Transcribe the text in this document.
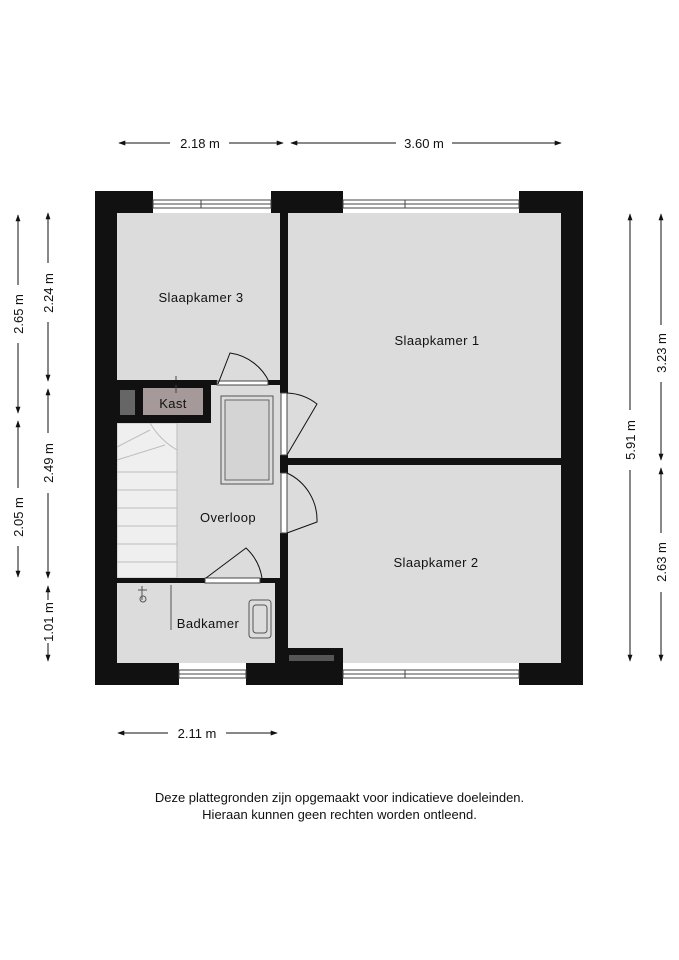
2.18 m	3.60 m
2.11 m
2.65 m
2.05 m
2.24 m
2.49 m
1.01 m
5.91 m
3.23 m
2.63 m
Slaapkamer 3
Slaapkamer 1
Slaapkamer 2
Kast
Overloop
Badkamer
Deze plattegronden zijn opgemaakt voor indicatieve doeleinden.
Hieraan kunnen geen rechten worden ontleend.
